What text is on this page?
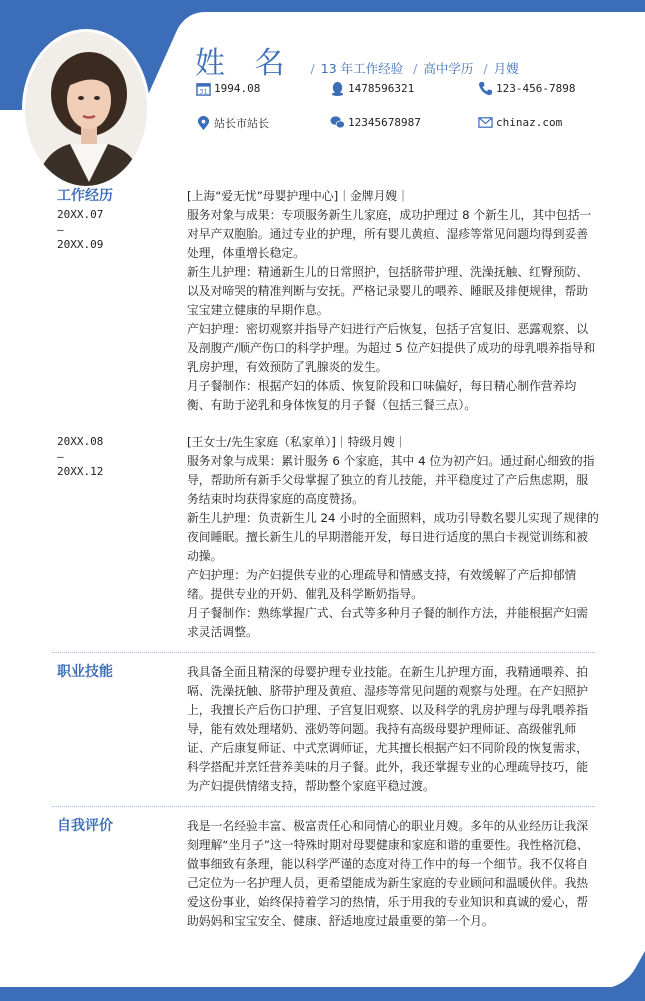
姓 名	/ 13 年工作经验 / 高中学历 / 月嫂
31 1994.08	1478596321	123-456-7898
站长市站长	12345678987	chinaz.com
工作经历
20XX.07
–
20XX.09
[上海“爱无忧”母婴护理中心]｜金牌月嫂｜
服务对象与成果：专项服务新生儿家庭，成功护理过 8 个新生儿，其中包括一对早产双胞胎。通过专业的护理，所有婴儿黄疸、湿疹等常见问题均得到妥善处理，体重增长稳定。
新生儿护理：精通新生儿的日常照护，包括脐带护理、洗澡抚触、红臀预防、以及对啼哭的精准判断与安抚。严格记录婴儿的喂养、睡眠及排便规律，帮助宝宝建立健康的早期作息。
产妇护理：密切观察并指导产妇进行产后恢复，包括子宫复旧、恶露观察、以及剖腹产/顺产伤口的科学护理。为超过 5 位产妇提供了成功的母乳喂养指导和乳房护理，有效预防了乳腺炎的发生。
月子餐制作：根据产妇的体质、恢复阶段和口味偏好，每日精心制作营养均衡、有助于泌乳和身体恢复的月子餐（包括三餐三点）。
20XX.08
–
20XX.12
[王女士/先生家庭（私家单）]｜特级月嫂｜
服务对象与成果：累计服务 6 个家庭，其中 4 位为初产妇。通过耐心细致的指导，帮助所有新手父母掌握了独立的育儿技能，并平稳度过了产后焦虑期，服务结束时均获得家庭的高度赞扬。
新生儿护理：负责新生儿 24 小时的全面照料，成功引导数名婴儿实现了规律的夜间睡眠。擅长新生儿的早期潜能开发，每日进行适度的黑白卡视觉训练和被动操。
产妇护理：为产妇提供专业的心理疏导和情感支持，有效缓解了产后抑郁情绪。提供专业的开奶、催乳及科学断奶指导。
月子餐制作：熟练掌握广式、台式等多种月子餐的制作方法，并能根据产妇需求灵活调整。
职业技能	我具备全面且精深的母婴护理专业技能。在新生儿护理方面，我精通喂养、拍嗝、洗澡抚触、脐带护理及黄疸、湿疹等常见问题的观察与处理。在产妇照护上，我擅长产后伤口护理、子宫复旧观察、以及科学的乳房护理与母乳喂养指导，能有效处理堵奶、涨奶等问题。我持有高级母婴护理师证、高级催乳师证、产后康复师证、中式烹调师证，尤其擅长根据产妇不同阶段的恢复需求，科学搭配并烹饪营养美味的月子餐。此外，我还掌握专业的心理疏导技巧，能为产妇提供情绪支持，帮助整个家庭平稳过渡。
自我评价	我是一名经验丰富、极富责任心和同情心的职业月嫂。多年的从业经历让我深刻理解“坐月子”这一特殊时期对母婴健康和家庭和谐的重要性。我性格沉稳、做事细致有条理，能以科学严谨的态度对待工作中的每一个细节。我不仅将自己定位为一名护理人员，更希望能成为新生家庭的专业顾问和温暖伙伴。我热爱这份事业，始终保持着学习的热情，乐于用我的专业知识和真诚的爱心，帮助妈妈和宝宝安全、健康、舒适地度过最重要的第一个月。
